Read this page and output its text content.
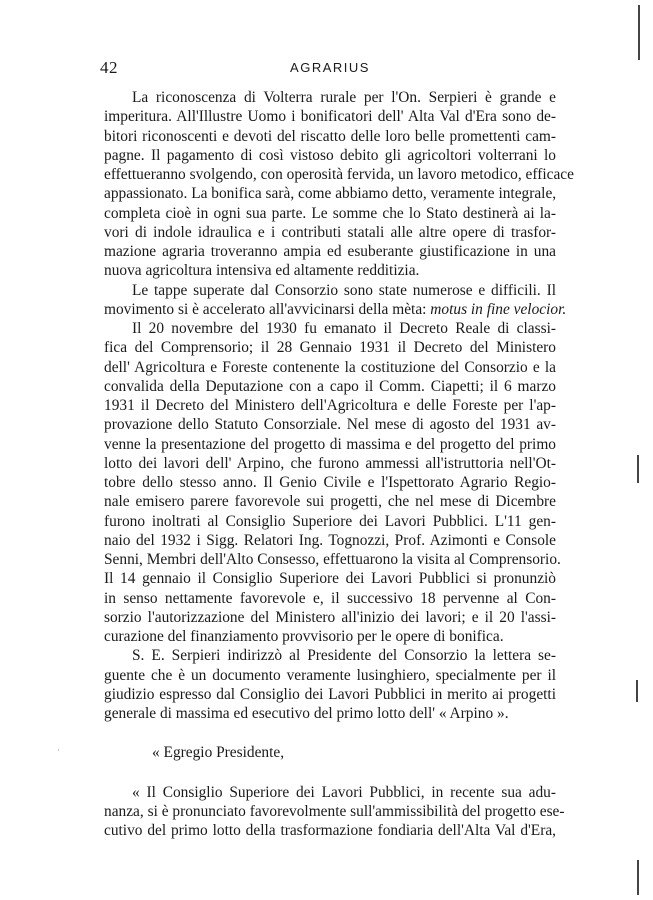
42	AGRARIUS
La riconoscenza di Volterra rurale per l'On. Serpieri è grande e
imperitura. All'Illustre Uomo i bonificatori dell' Alta Val d'Era sono de-
bitori riconoscenti e devoti del riscatto delle loro belle promettenti cam-
pagne. Il pagamento di così vistoso debito gli agricoltori volterrani lo
effettueranno svolgendo, con operosità fervida, un lavoro metodico, efficace
appassionato. La bonifica sarà, come abbiamo detto, veramente integrale,
completa cioè in ogni sua parte. Le somme che lo Stato destinerà ai la-
vori di indole idraulica e i contributi statali alle altre opere di trasfor-
mazione agraria troveranno ampia ed esuberante giustificazione in una
nuova agricoltura intensiva ed altamente redditizia.
Le tappe superate dal Consorzio sono state numerose e difficili. Il
movimento si è accelerato all'avvicinarsi della mèta: motus in fine velocior.
Il 20 novembre del 1930 fu emanato il Decreto Reale di classi-
fica del Comprensorio; il 28 Gennaio 1931 il Decreto del Ministero
dell' Agricoltura e Foreste contenente la costituzione del Consorzio e la
convalida della Deputazione con a capo il Comm. Ciapetti; il 6 marzo
1931 il Decreto del Ministero dell'Agricoltura e delle Foreste per l'ap-
provazione dello Statuto Consorziale. Nel mese di agosto del 1931 av-
venne la presentazione del progetto di massima e del progetto del primo
lotto dei lavori dell' Arpino, che furono ammessi all'istruttoria nell'Ot-
tobre dello stesso anno. Il Genio Civile e l'Ispettorato Agrario Regio-
nale emisero parere favorevole sui progetti, che nel mese di Dicembre
furono inoltrati al Consiglio Superiore dei Lavori Pubblici. L'11 gen-
naio del 1932 i Sigg. Relatori Ing. Tognozzi, Prof. Azimonti e Console
Senni, Membri dell'Alto Consesso, effettuarono la visita al Comprensorio.
Il 14 gennaio il Consiglio Superiore dei Lavori Pubblici si pronunziò
in senso nettamente favorevole e, il successivo 18 pervenne al Con-
sorzio l'autorizzazione del Ministero all'inizio dei lavori; e il 20 l'assi-
curazione del finanziamento provvisorio per le opere di bonifica.
S. E. Serpieri indirizzò al Presidente del Consorzio la lettera se-
guente che è un documento veramente lusinghiero, specialmente per il
giudizio espresso dal Consiglio dei Lavori Pubblici in merito ai progetti
generale di massima ed esecutivo del primo lotto dell' « Arpino ».
« Egregio Presidente,
« Il Consiglio Superiore dei Lavori Pubblici, in recente sua adu-
nanza, si è pronunciato favorevolmente sull'ammissibilità del progetto ese-
cutivo del primo lotto della trasformazione fondiaria dell'Alta Val d'Era,
·
